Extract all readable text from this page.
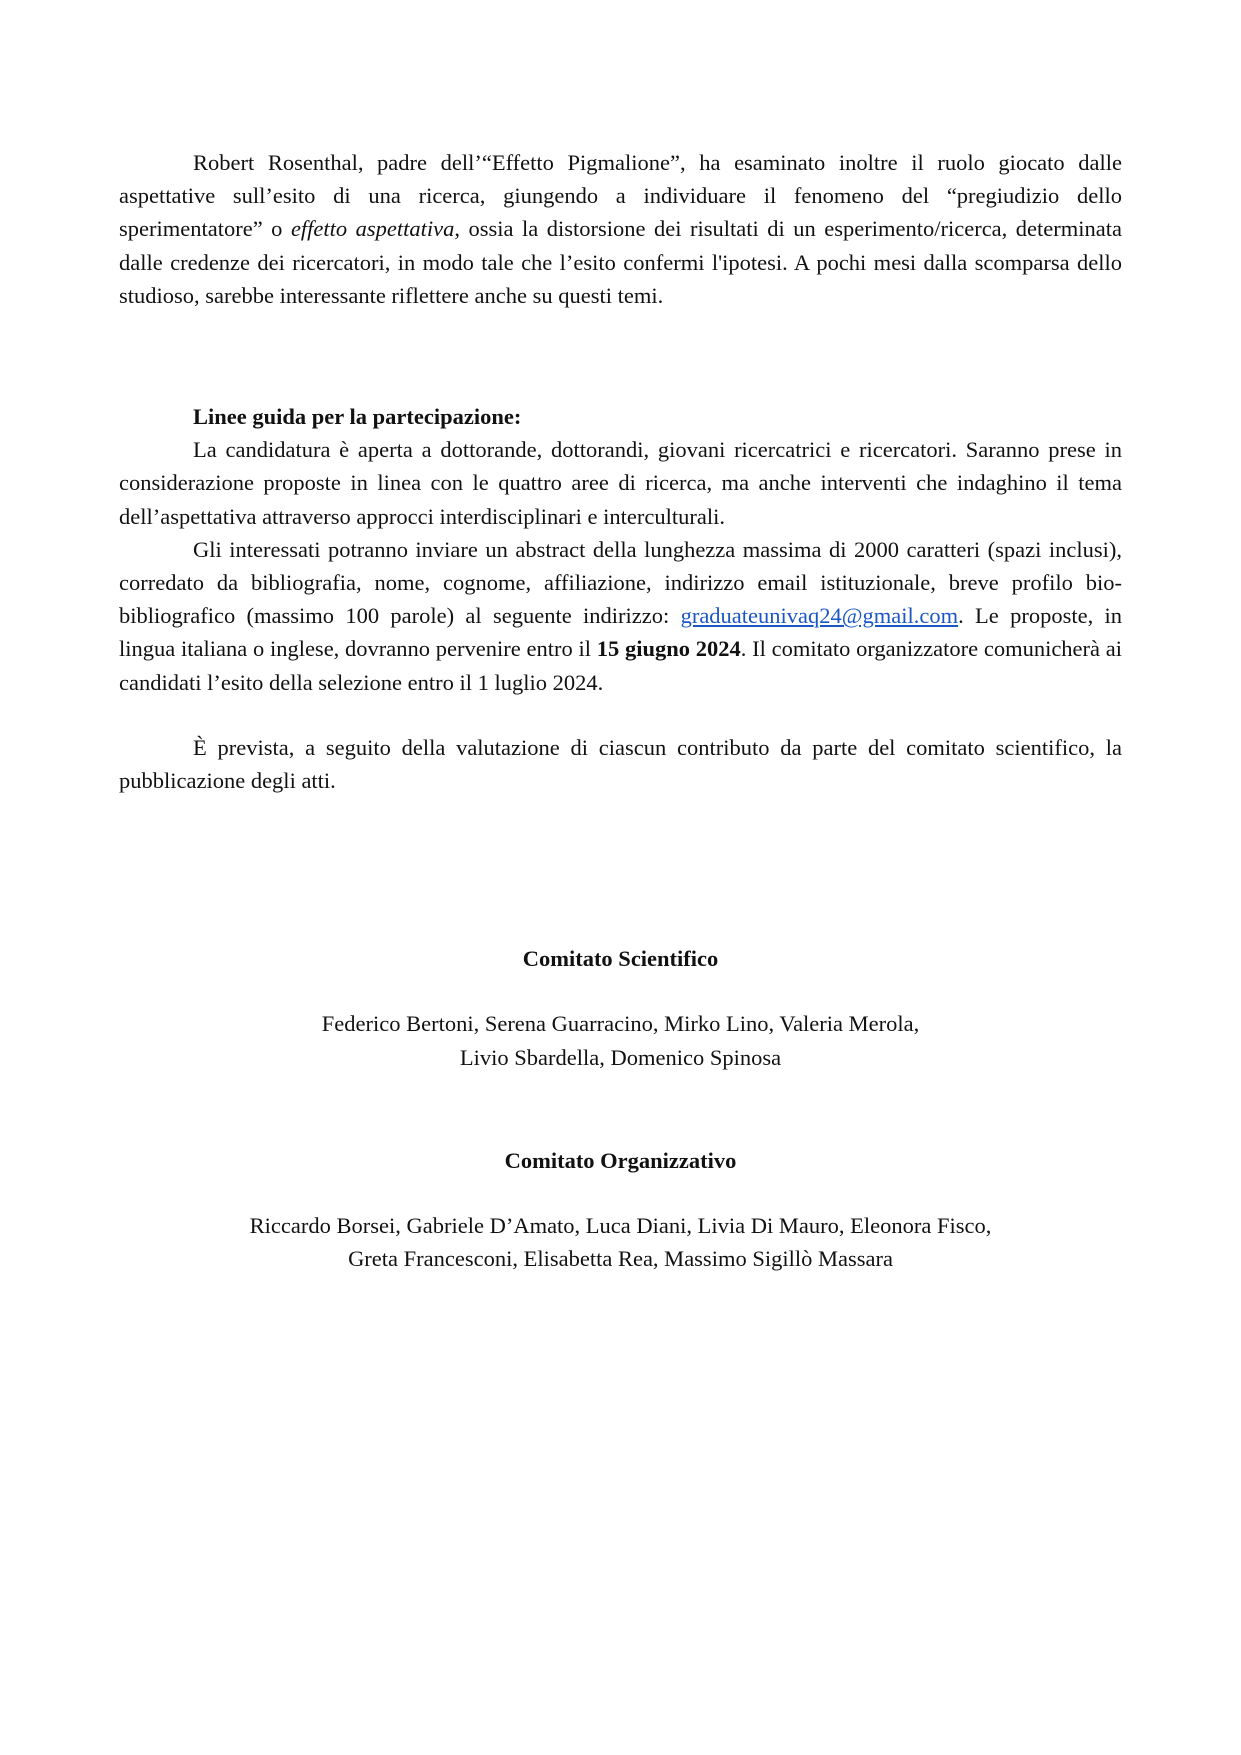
Robert Rosenthal, padre dell’“Effetto Pigmalione”, ha esaminato inoltre il ruolo giocato dalle aspettative sull’esito di una ricerca, giungendo a individuare il fenomeno del “pregiudizio dello sperimentatore” o effetto aspettativa, ossia la distorsione dei risultati di un esperimento/ricerca, determinata dalle credenze dei ricercatori, in modo tale che l’esito confermi l'ipotesi. A pochi mesi dalla scomparsa dello studioso, sarebbe interessante riflettere anche su questi temi.

Linee guida per la partecipazione:

La candidatura è aperta a dottorande, dottorandi, giovani ricercatrici e ricercatori. Saranno prese in considerazione proposte in linea con le quattro aree di ricerca, ma anche interventi che indaghino il tema dell’aspettativa attraverso approcci interdisciplinari e interculturali.

Gli interessati potranno inviare un abstract della lunghezza massima di 2000 caratteri (spazi inclusi), corredato da bibliografia, nome, cognome, affiliazione, indirizzo email istituzionale, breve profilo bio-bibliografico (massimo 100 parole) al seguente indirizzo: graduateunivaq24@gmail.com. Le proposte, in lingua italiana o inglese, dovranno pervenire entro il 15 giugno 2024. Il comitato organizzatore comunicherà ai candidati l’esito della selezione entro il 1 luglio 2024.

È prevista, a seguito della valutazione di ciascun contributo da parte del comitato scientifico, la pubblicazione degli atti.

Comitato Scientifico

Federico Bertoni, Serena Guarracino, Mirko Lino, Valeria Merola,

Livio Sbardella, Domenico Spinosa

Comitato Organizzativo

Riccardo Borsei, Gabriele D’Amato, Luca Diani, Livia Di Mauro, Eleonora Fisco,

Greta Francesconi, Elisabetta Rea, Massimo Sigillò Massara
